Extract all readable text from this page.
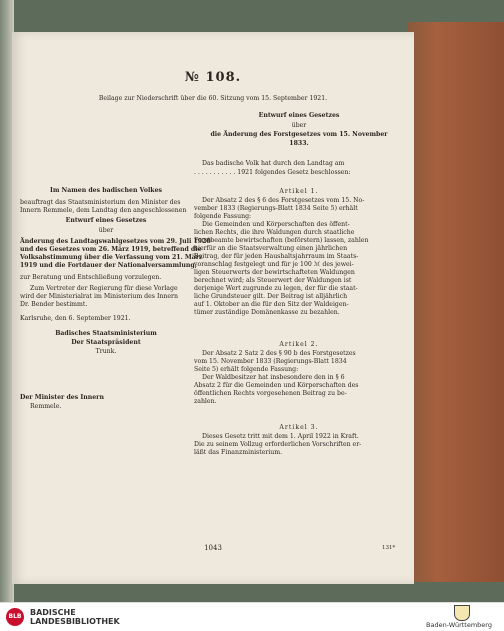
№ 108.
Beilage zur Niederschrift über die 60. Sitzung vom 15. September 1921.
Entwurf eines Gesetzes
über
die Änderung des Forstgesetzes vom 15. November
1833.
Das badische Volk hat durch den Landtag am
. . . . . . . . . . . 1921 folgendes Gesetz beschlossen:
Im Namen des badischen Volkes
beauftragt das Staatsministerium den Minister des
Innern Remmele, dem Landtag den angeschlossenen
Entwurf eines Gesetzes
über
Änderung des Landtagswahlgesetzes vom 29. Juli 1920
und des Gesetzes vom 26. März 1919, betreffend die
Volksabstimmung über die Verfassung vom 21. März
1919 und die Fortdauer der Nationalversammlung,
zur Beratung und Entschließung vorzulegen.
Zum Vertreter der Regierung für diese Vorlage
wird der Ministerialrat im Ministerium des Innern
Dr. Bender bestimmt.
Karlsruhe, den 6. September 1921.
Badisches Staatsministerium
Der Staatspräsident
Trunk.
Der Minister des Innern
Remmele.
Artikel 1.
Der Absatz 2 des § 6 des Forstgesetzes vom 15. No-
vember 1833 (Regierungs-Blatt 1834 Seite 5) erhält
folgende Fassung:
Die Gemeinden und Körperschaften des öffent-
lichen Rechts, die ihre Waldungen durch staatliche
Forstbeamte bewirtschaften (beförstern) lassen, zahlen
hierfür an die Staatsverwaltung einen jährlichen
Beitrag, der für jeden Haushaltsjahrraum im Staats-
voranschlag festgelegt und für je 100 ℳ des jewei-
ligen Steuerwerts der bewirtschafteten Waldungen
berechnet wird; als Steuerwert der Waldungen ist
derjenige Wert zugrunde zu legen, der für die staat-
liche Grundsteuer gilt. Der Beitrag ist alljährlich
auf 1. Oktober an die für den Sitz der Waldeigen-
tümer zuständige Domänenkasse zu bezahlen.
Artikel 2.
Der Absatz 2 Satz 2 des § 90 b des Forstgesetzes
vom 15. November 1833 (Regierungs-Blatt 1834
Seite 5) erhält folgende Fassung:
Der Waldbesitzer hat insbesondere den in § 6
Absatz 2 für die Gemeinden und Körperschaften des
öffentlichen Rechts vorgesehenen Beitrag zu be-
zahlen.
Artikel 3.
Dieses Gesetz tritt mit dem 1. April 1922 in Kraft.
Die zu seinem Vollzug erforderlichen Vorschriften er-
läßt das Finanzministerium.
1043	131*
BLB	BADISCHE
LANDESBIBLIOTHEK	Baden-Württemberg
